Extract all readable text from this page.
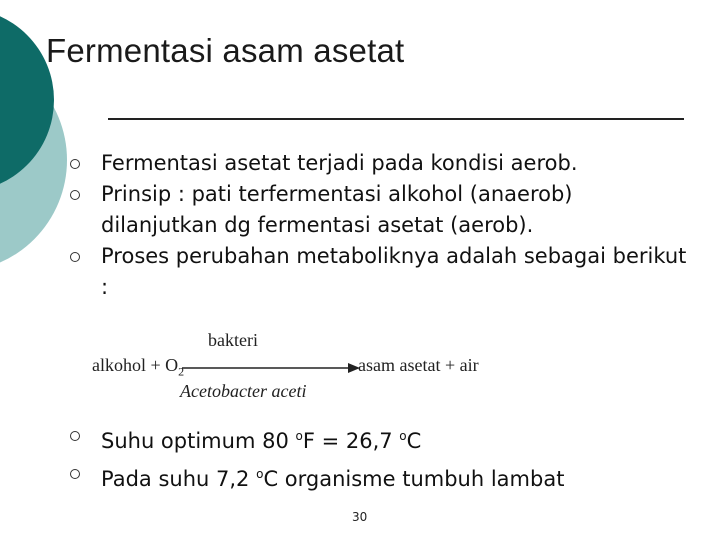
Fermentasi asam asetat
Fermentasi asetat terjadi pada kondisi aerob.
Prinsip : pati terfermentasi alkohol (anaerob) dilanjutkan dg fermentasi asetat (aerob).
Proses perubahan metaboliknya adalah sebagai berikut :
alkohol + $O_2$
bakteri
asam asetat + air
Acetobacter aceti
Suhu optimum 80 $^o$F = 26,7 $^o$C
Pada suhu 7,2 $^o$C organisme tumbuh lambat
30
